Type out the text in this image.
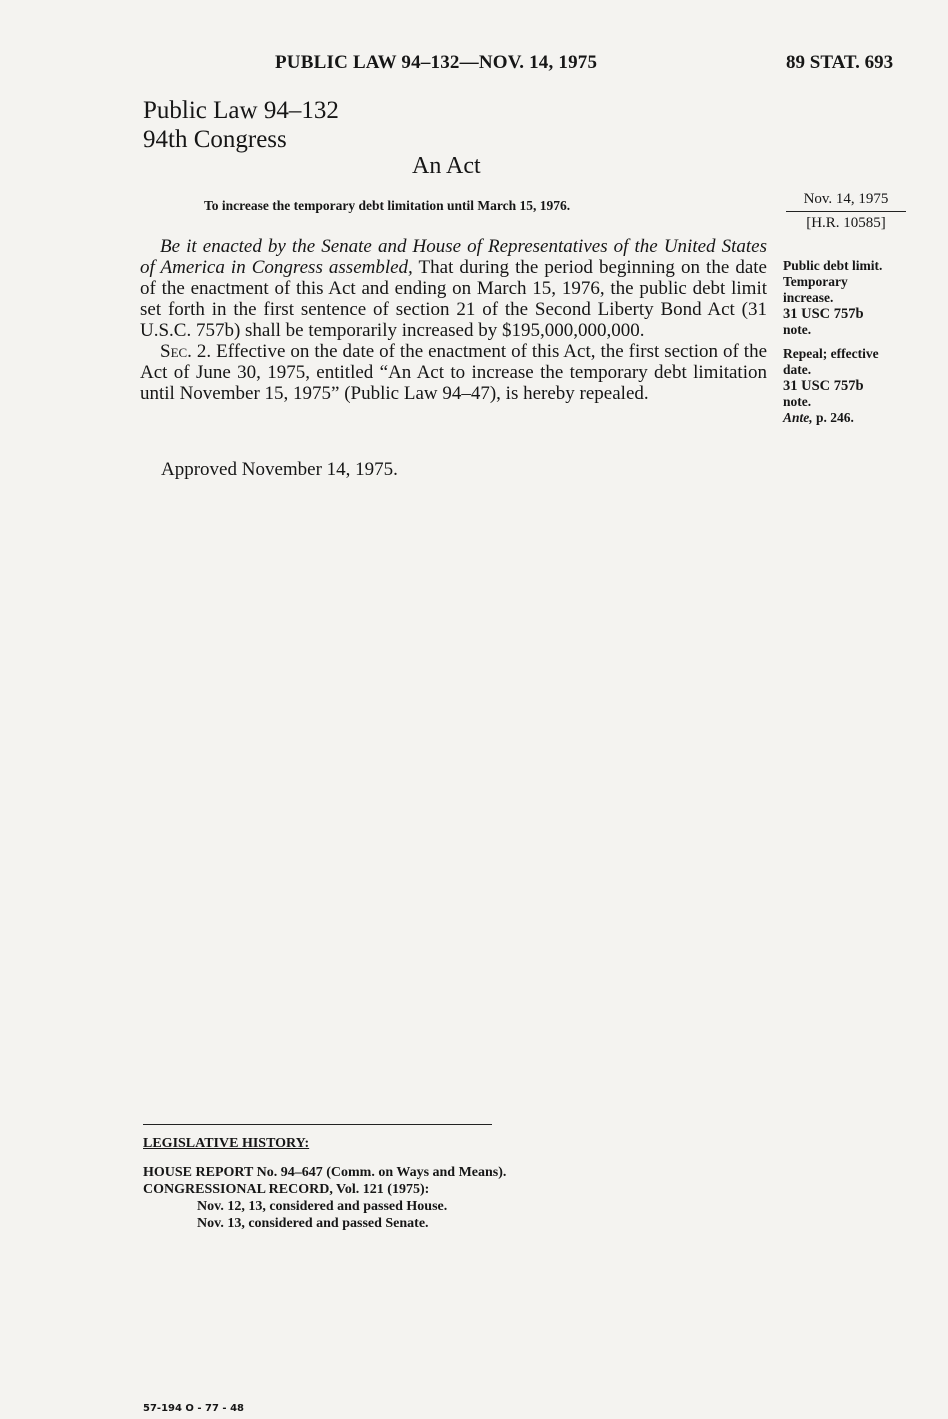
PUBLIC LAW 94–132—NOV. 14, 1975	89 STAT. 693
Public Law 94–132
94th Congress
An Act
To increase the temporary debt limitation until March 15, 1976.	Nov. 14, 1975
[H.R. 10585]

Be it enacted by the Senate and House of Representatives of the United States of America in Congress assembled, That during the period beginning on the date of the enactment of this Act and ending on March 15, 1976, the public debt limit set forth in the first sentence of section 21 of the Second Liberty Bond Act (31 U.S.C. 757b) shall be temporarily increased by $195,000,000,000.

Sec. 2. Effective on the date of the enactment of this Act, the first section of the Act of June 30, 1975, entitled “An Act to increase the temporary debt limitation until November 15, 1975” (Public Law 94–47), is hereby repealed.

Approved November 14, 1975.
Public debt limit.
Temporary
increase.
31 USC 757b
note.
Repeal; effective
date.
31 USC 757b
note.
Ante, p. 246.
LEGISLATIVE HISTORY:
HOUSE REPORT No. 94–647 (Comm. on Ways and Means).
CONGRESSIONAL RECORD, Vol. 121 (1975):
Nov. 12, 13, considered and passed House.
Nov. 13, considered and passed Senate.
57-194 O - 77 - 48
